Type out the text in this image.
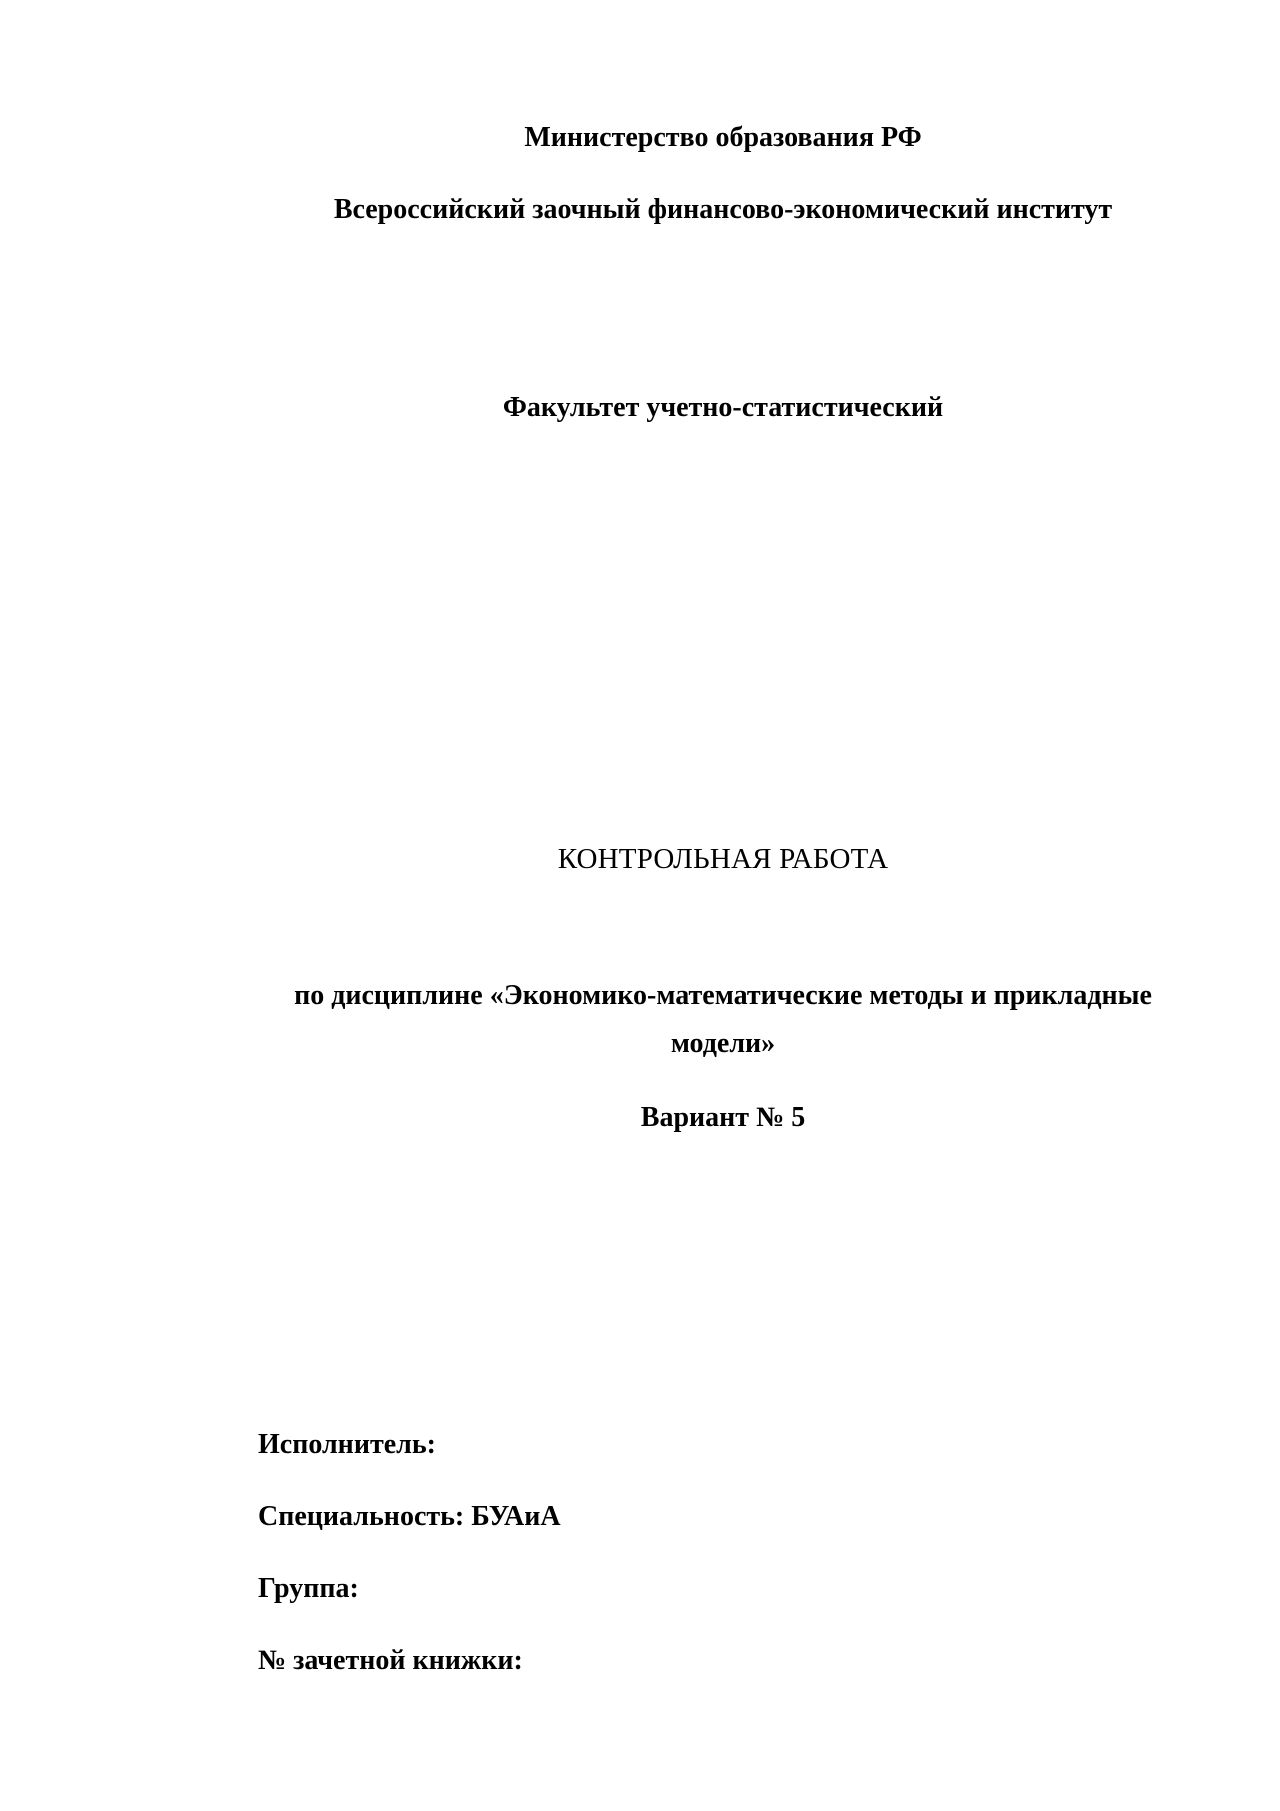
Министерство образования РФ
Всероссийский заочный финансово-экономический институт
Факультет учетно-статистический
КОНТРОЛЬНАЯ РАБОТА
по дисциплине «Экономико-математические методы и прикладные
модели»
Вариант № 5
Исполнитель:
Специальность: БУАиА
Группа:
№ зачетной книжки:
